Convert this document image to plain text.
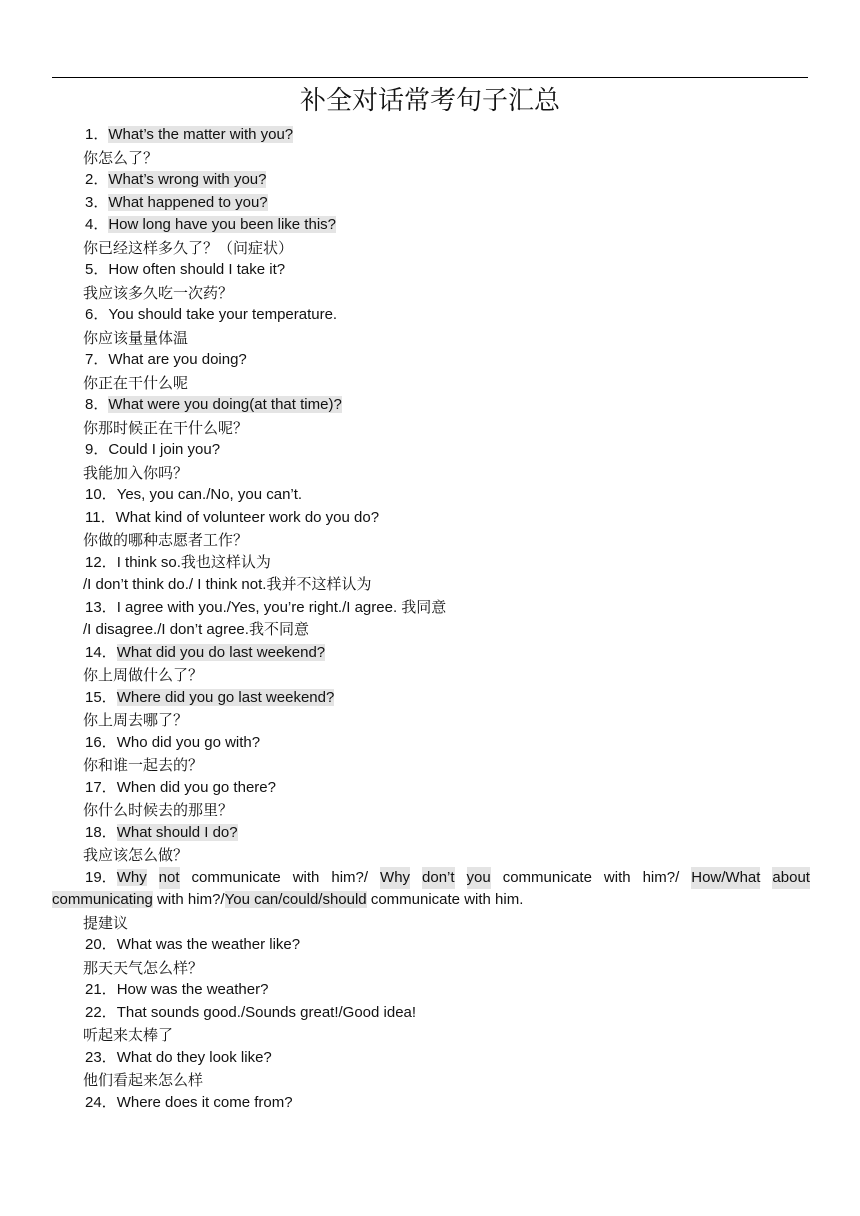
补全对话常考句子汇总
1．What’s the matter with you?
你怎么了？
2．What’s wrong with you?
3．What happened to you?
4．How long have you been like this?
你已经这样多久了？（问症状）
5．How often should I take it?
我应该多久吃一次药？
6．You should take your temperature.
你应该量量体温
7．What are you doing?
你正在干什么呢
8．What were you doing(at that time)?
你那时候正在干什么呢？
9．Could I join you?
我能加入你吗？
10．Yes, you can./No, you can’t.
11．What kind of volunteer work do you do?
你做的哪种志愿者工作？
12．I think so.我也这样认为
/I don’t think do./ I think not.我并不这样认为
13．I agree with you./Yes, you’re right./I agree. 我同意
/I disagree./I don’t agree.我不同意
14．What did you do last weekend?
你上周做什么了？
15．Where did you go last weekend?
你上周去哪了？
16．Who did you go with?
你和谁一起去的？
17．When did you go there?
你什么时候去的那里？
18．What should I do?
我应该怎么做？
19．Why not communicate with him?/ Why don’t you communicate with him?/ How/What about
communicating with him?/You can/could/should communicate with him.
提建议
20．What was the weather like?
那天天气怎么样？
21．How was the weather?
22．That sounds good./Sounds great!/Good idea!
听起来太棒了
23．What do they look like?
他们看起来怎么样
24．Where does it come from?
